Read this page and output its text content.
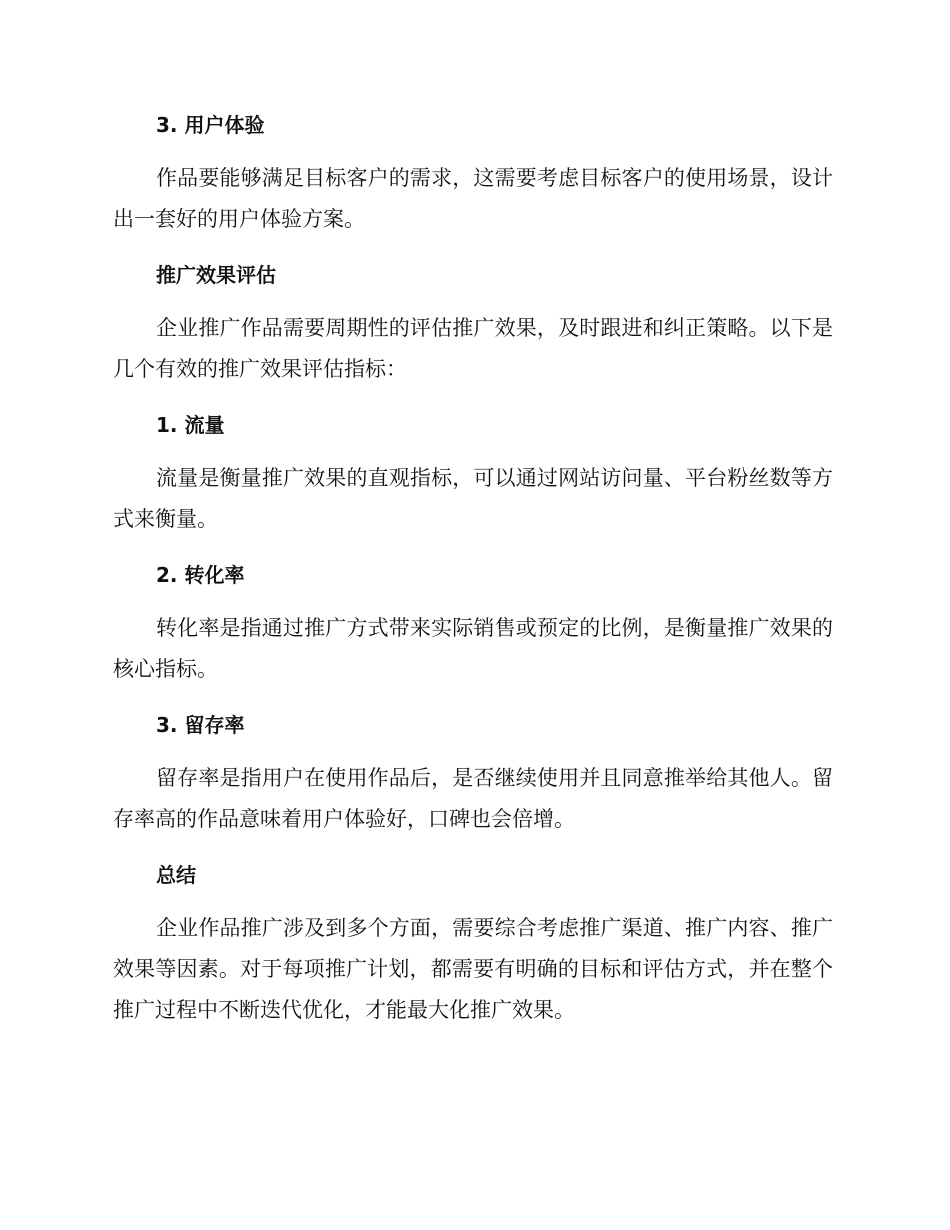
3. 用户体验

作品要能够满足目标客户的需求，这需要考虑目标客户的使用场景，设计出一套好的用户体验方案。

推广效果评估

企业推广作品需要周期性的评估推广效果，及时跟进和纠正策略。以下是几个有效的推广效果评估指标：

1. 流量

流量是衡量推广效果的直观指标，可以通过网站访问量、平台粉丝数等方式来衡量。

2. 转化率

转化率是指通过推广方式带来实际销售或预定的比例，是衡量推广效果的核心指标。

3. 留存率

留存率是指用户在使用作品后，是否继续使用并且同意推举给其他人。留存率高的作品意味着用户体验好，口碑也会倍增。

总结

企业作品推广涉及到多个方面，需要综合考虑推广渠道、推广内容、推广效果等因素。对于每项推广计划，都需要有明确的目标和评估方式，并在整个推广过程中不断迭代优化，才能最大化推广效果。
